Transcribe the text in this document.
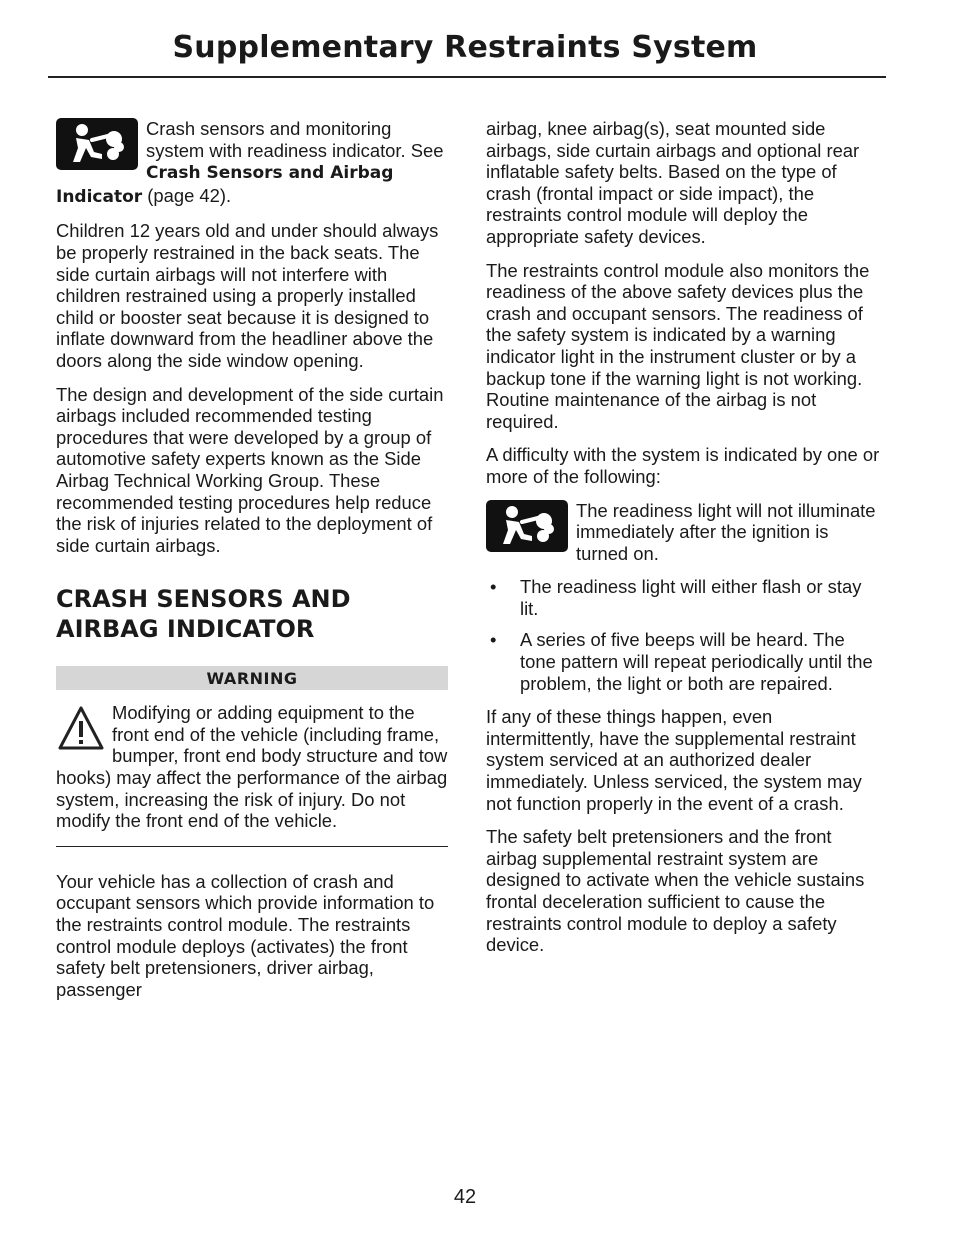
Supplementary Restraints System

Crash sensors and monitoring system with readiness indicator. See Crash Sensors and Airbag Indicator (page 42).

Children 12 years old and under should always be properly restrained in the back seats. The side curtain airbags will not interfere with children restrained using a properly installed child or booster seat because it is designed to inflate downward from the headliner above the doors along the side window opening.

The design and development of the side curtain airbags included recommended testing procedures that were developed by a group of automotive safety experts known as the Side Airbag Technical Working Group. These recommended testing procedures help reduce the risk of injuries related to the deployment of side curtain airbags.

CRASH SENSORS AND AIRBAG INDICATOR
WARNING
Modifying or adding equipment to the front end of the vehicle (including frame, bumper, front end body structure and tow hooks) may affect the performance of the airbag system, increasing the risk of injury. Do not modify the front end of the vehicle.

Your vehicle has a collection of crash and occupant sensors which provide information to the restraints control module. The restraints control module deploys (activates) the front safety belt pretensioners, driver airbag, passenger

airbag, knee airbag(s), seat mounted side airbags, side curtain airbags and optional rear inflatable safety belts. Based on the type of crash (frontal impact or side impact), the restraints control module will deploy the appropriate safety devices.

The restraints control module also monitors the readiness of the above safety devices plus the crash and occupant sensors. The readiness of the safety system is indicated by a warning indicator light in the instrument cluster or by a backup tone if the warning light is not working. Routine maintenance of the airbag is not required.

A difficulty with the system is indicated by one or more of the following:

The readiness light will not illuminate immediately after the ignition is turned on.

• The readiness light will either flash or stay lit.
• A series of five beeps will be heard. The tone pattern will repeat periodically until the problem, the light or both are repaired.

If any of these things happen, even intermittently, have the supplemental restraint system serviced at an authorized dealer immediately. Unless serviced, the system may not function properly in the event of a crash.

The safety belt pretensioners and the front airbag supplemental restraint system are designed to activate when the vehicle sustains frontal deceleration sufficient to cause the restraints control module to deploy a safety device.

42
